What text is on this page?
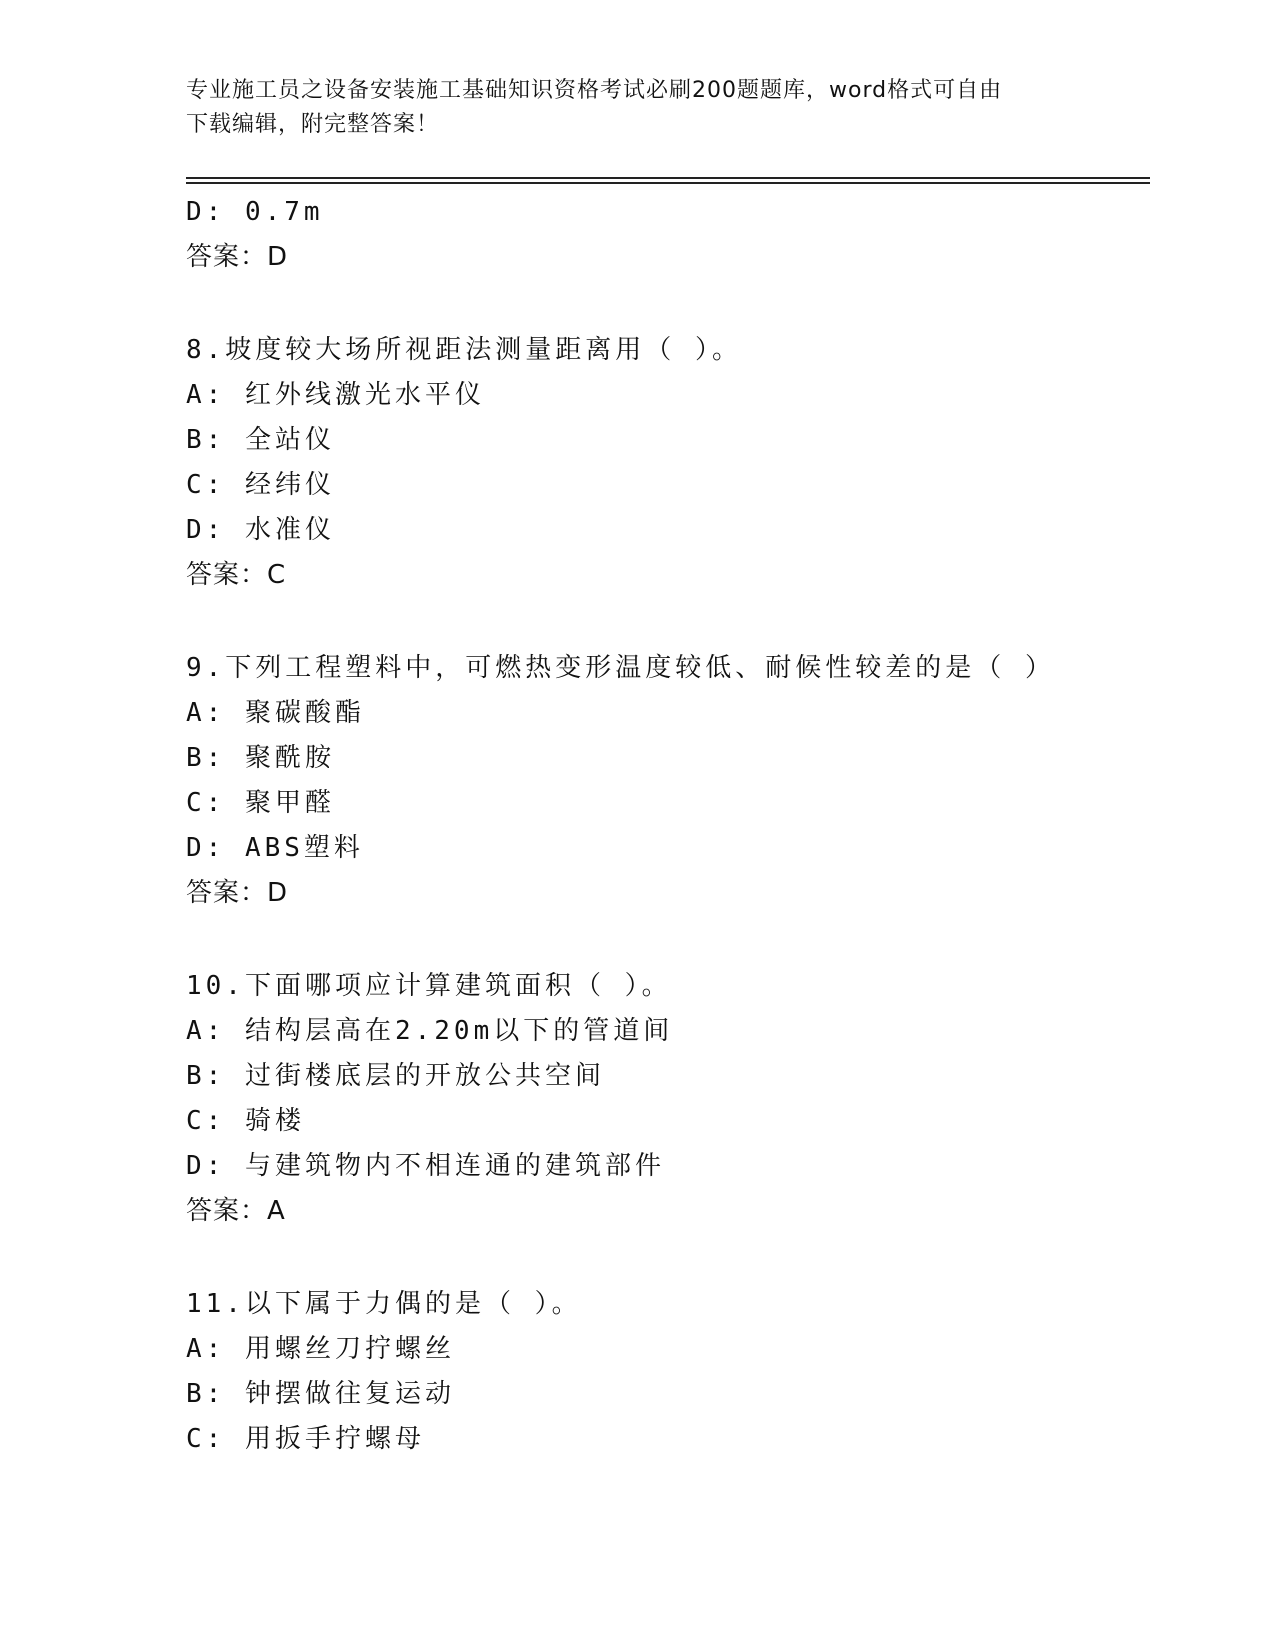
专业施工员之设备安装施工基础知识资格考试必刷200题题库，word格式可自由
下载编辑，附完整答案！
D: 0.7m
答案：D
8.坡度较大场所视距法测量距离用（ ）。
A: 红外线激光水平仪
B: 全站仪
C: 经纬仪
D: 水准仪
答案：C
9.下列工程塑料中，可燃热变形温度较低、耐候性较差的是（ ）
A: 聚碳酸酯
B: 聚酰胺
C: 聚甲醛
D: ABS塑料
答案：D
10.下面哪项应计算建筑面积（ ）。
A: 结构层高在2.20m以下的管道间
B: 过街楼底层的开放公共空间
C: 骑楼
D: 与建筑物内不相连通的建筑部件
答案：A
11.以下属于力偶的是（ ）。
A: 用螺丝刀拧螺丝
B: 钟摆做往复运动
C: 用扳手拧螺母
